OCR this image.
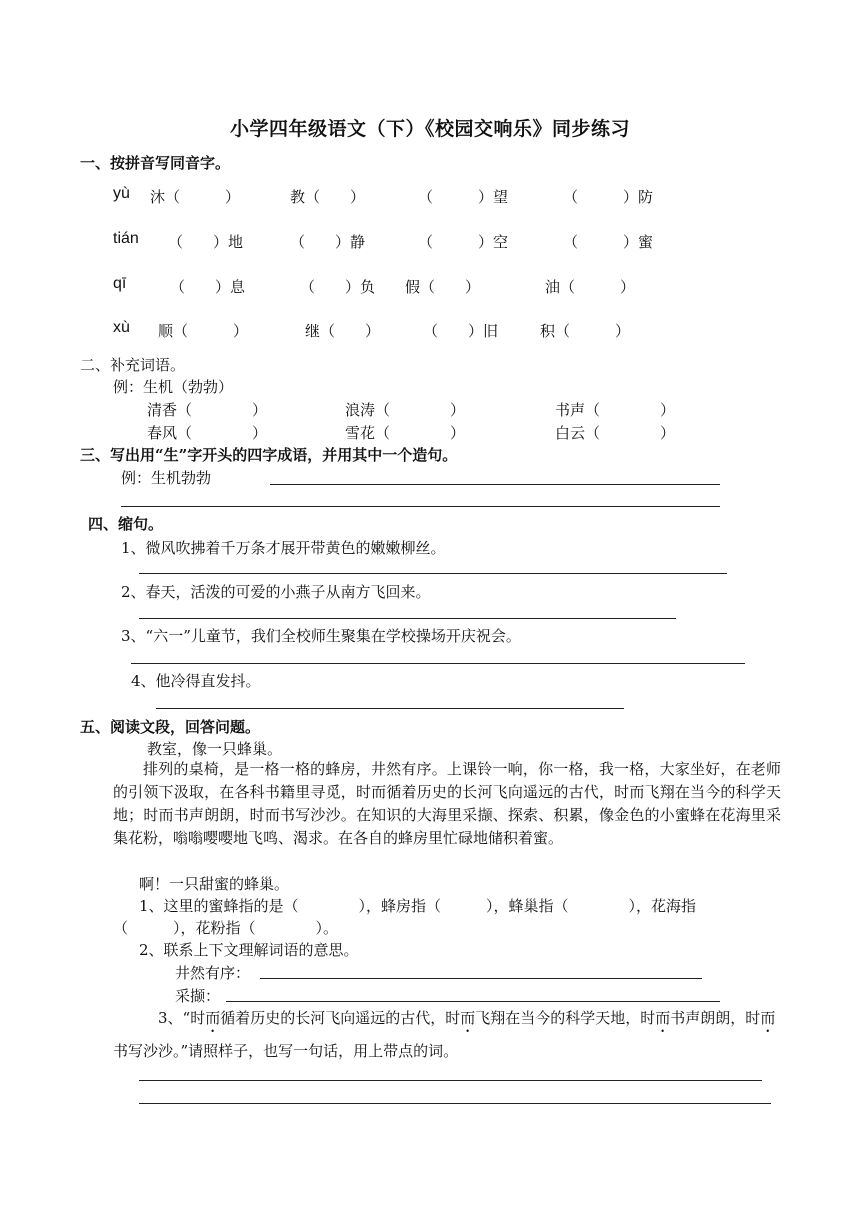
小学四年级语文（下）《校园交响乐》同步练习
一、按拼音写同音字。
yù 沐（　　　）	教（　　）	（　　　）望	（　　　）防
tián （　　）地	（　　）静	（　　　）空	（　　　）蜜
qī	（　　）息	（　　）负 假（　　）	油（　　　）
xù 顺（　　　）	继（　　）	（　　）旧	积（　　　）
二、补充词语。
例：生机（勃勃）
清香（　　　　）	浪涛（　　　　）	书声（　　　　）
春风（　　　　）	雪花（　　　　）	白云（　　　　）
三、写出用“生”字开头的四字成语，并用其中一个造句。
例：生机勃勃
四、缩句。
1、微风吹拂着千万条才展开带黄色的嫩嫩柳丝。
2、春天，活泼的可爱的小燕子从南方飞回来。
3、“六一”儿童节，我们全校师生聚集在学校操场开庆祝会。
4、他冷得直发抖。
五、阅读文段，回答问题。
教室，像一只蜂巢。
排列的桌椅，是一格一格的蜂房，井然有序。上课铃一响，你一格，我一格，大家坐好，在老师的引领下汲取，在各科书籍里寻觅，时而循着历史的长河飞向遥远的古代，时而飞翔在当今的科学天地；时而书声朗朗，时而书写沙沙。在知识的大海里采撷、探索、积累，像金色的小蜜蜂在花海里采集花粉，嗡嗡嘤嘤地飞鸣、渴求。在各自的蜂房里忙碌地储积着蜜。
啊！一只甜蜜的蜂巢。
1、这里的蜜蜂指的是（　　　　），蜂房指（　　　），蜂巢指（　　　　），花海指
（　　　），花粉指（　　　　）。
2、联系上下文理解词语的意思。
井然有序：
采撷：
3、“时而循着历史的长河飞向遥远的古代，时而飞翔在当今的科学天地，时而书声朗朗，时而书写沙沙。”请照样子，也写一句话，用上带点的词。
